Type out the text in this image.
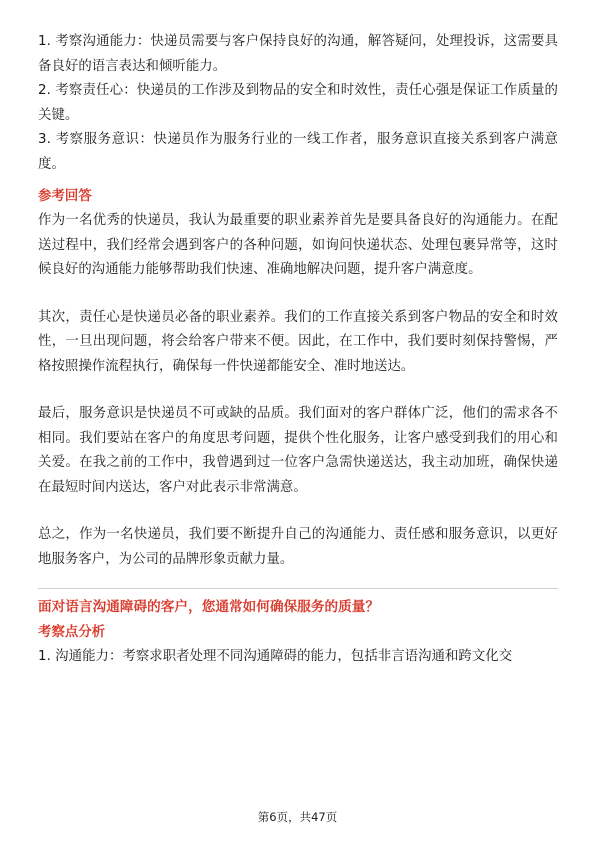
1. 考察沟通能力：快递员需要与客户保持良好的沟通，解答疑问，处理投诉，这需要具备良好的语言表达和倾听能力。

2. 考察责任心：快递员的工作涉及到物品的安全和时效性，责任心强是保证工作质量的关键。

3. 考察服务意识：快递员作为服务行业的一线工作者，服务意识直接关系到客户满意度。

参考回答

作为一名优秀的快递员，我认为最重要的职业素养首先是要具备良好的沟通能力。在配送过程中，我们经常会遇到客户的各种问题，如询问快递状态、处理包裹异常等，这时候良好的沟通能力能够帮助我们快速、准确地解决问题，提升客户满意度。

其次，责任心是快递员必备的职业素养。我们的工作直接关系到客户物品的安全和时效性，一旦出现问题，将会给客户带来不便。因此，在工作中，我们要时刻保持警惕，严格按照操作流程执行，确保每一件快递都能安全、准时地送达。

最后，服务意识是快递员不可或缺的品质。我们面对的客户群体广泛，他们的需求各不相同。我们要站在客户的角度思考问题，提供个性化服务，让客户感受到我们的用心和关爱。在我之前的工作中，我曾遇到过一位客户急需快递送达，我主动加班，确保快递在最短时间内送达，客户对此表示非常满意。

总之，作为一名快递员，我们要不断提升自己的沟通能力、责任感和服务意识，以更好地服务客户，为公司的品牌形象贡献力量。

面对语言沟通障碍的客户，您通常如何确保服务的质量？

考察点分析

1. 沟通能力：考察求职者处理不同沟通障碍的能力，包括非言语沟通和跨文化交

第6页，共47页
